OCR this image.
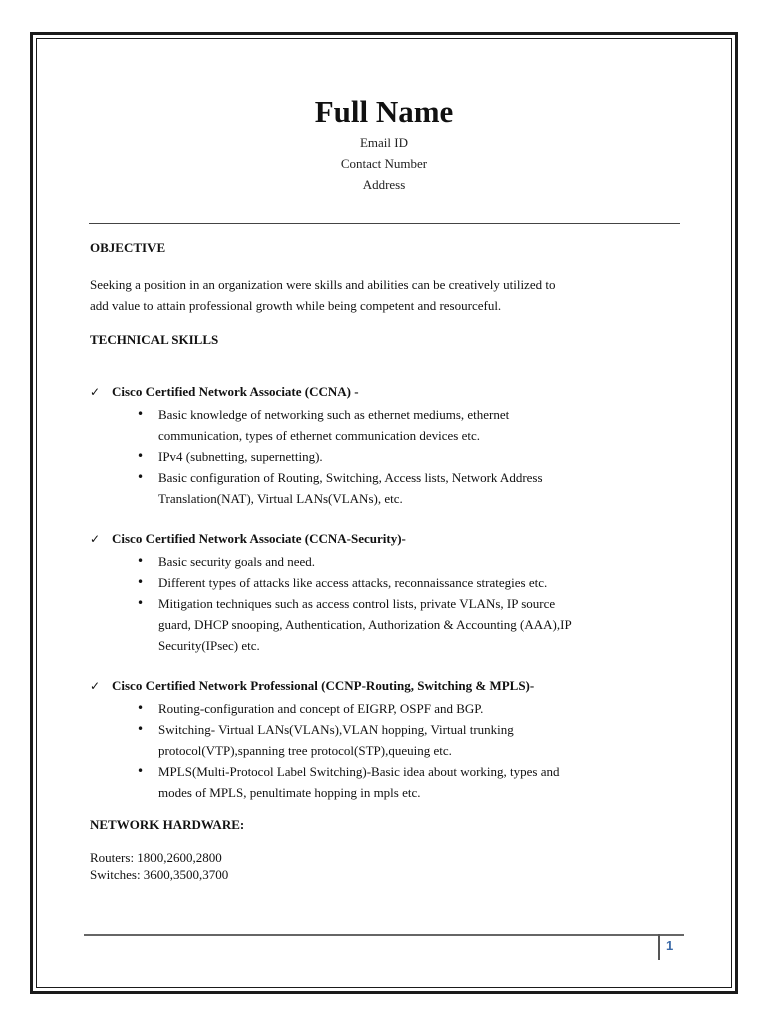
Full Name
Email ID
Contact Number
Address

OBJECTIVE

Seeking a position in an organization were skills and abilities can be creatively utilized to

add value to attain professional growth while being competent and resourceful.

TECHNICAL SKILLS

✓ Cisco Certified Network Associate (CCNA) -
• Basic knowledge of networking such as ethernet mediums, ethernet
communication, types of ethernet communication devices etc.
• IPv4 (subnetting, supernetting).
• Basic configuration of Routing, Switching, Access lists, Network Address
Translation(NAT), Virtual LANs(VLANs), etc.
✓ Cisco Certified Network Associate (CCNA-Security)-
• Basic security goals and need.
• Different types of attacks like access attacks, reconnaissance strategies etc.
• Mitigation techniques such as access control lists, private VLANs, IP source
guard, DHCP snooping, Authentication, Authorization & Accounting (AAA),IP
Security(IPsec) etc.
✓ Cisco Certified Network Professional (CCNP-Routing, Switching & MPLS)-
• Routing-configuration and concept of EIGRP, OSPF and BGP.
• Switching- Virtual LANs(VLANs),VLAN hopping, Virtual trunking
protocol(VTP),spanning tree protocol(STP),queuing etc.
• MPLS(Multi-Protocol Label Switching)-Basic idea about working, types and
modes of MPLS, penultimate hopping in mpls etc.

NETWORK HARDWARE:

Routers: 1800,2600,2800

Switches: 3600,3500,3700

1
